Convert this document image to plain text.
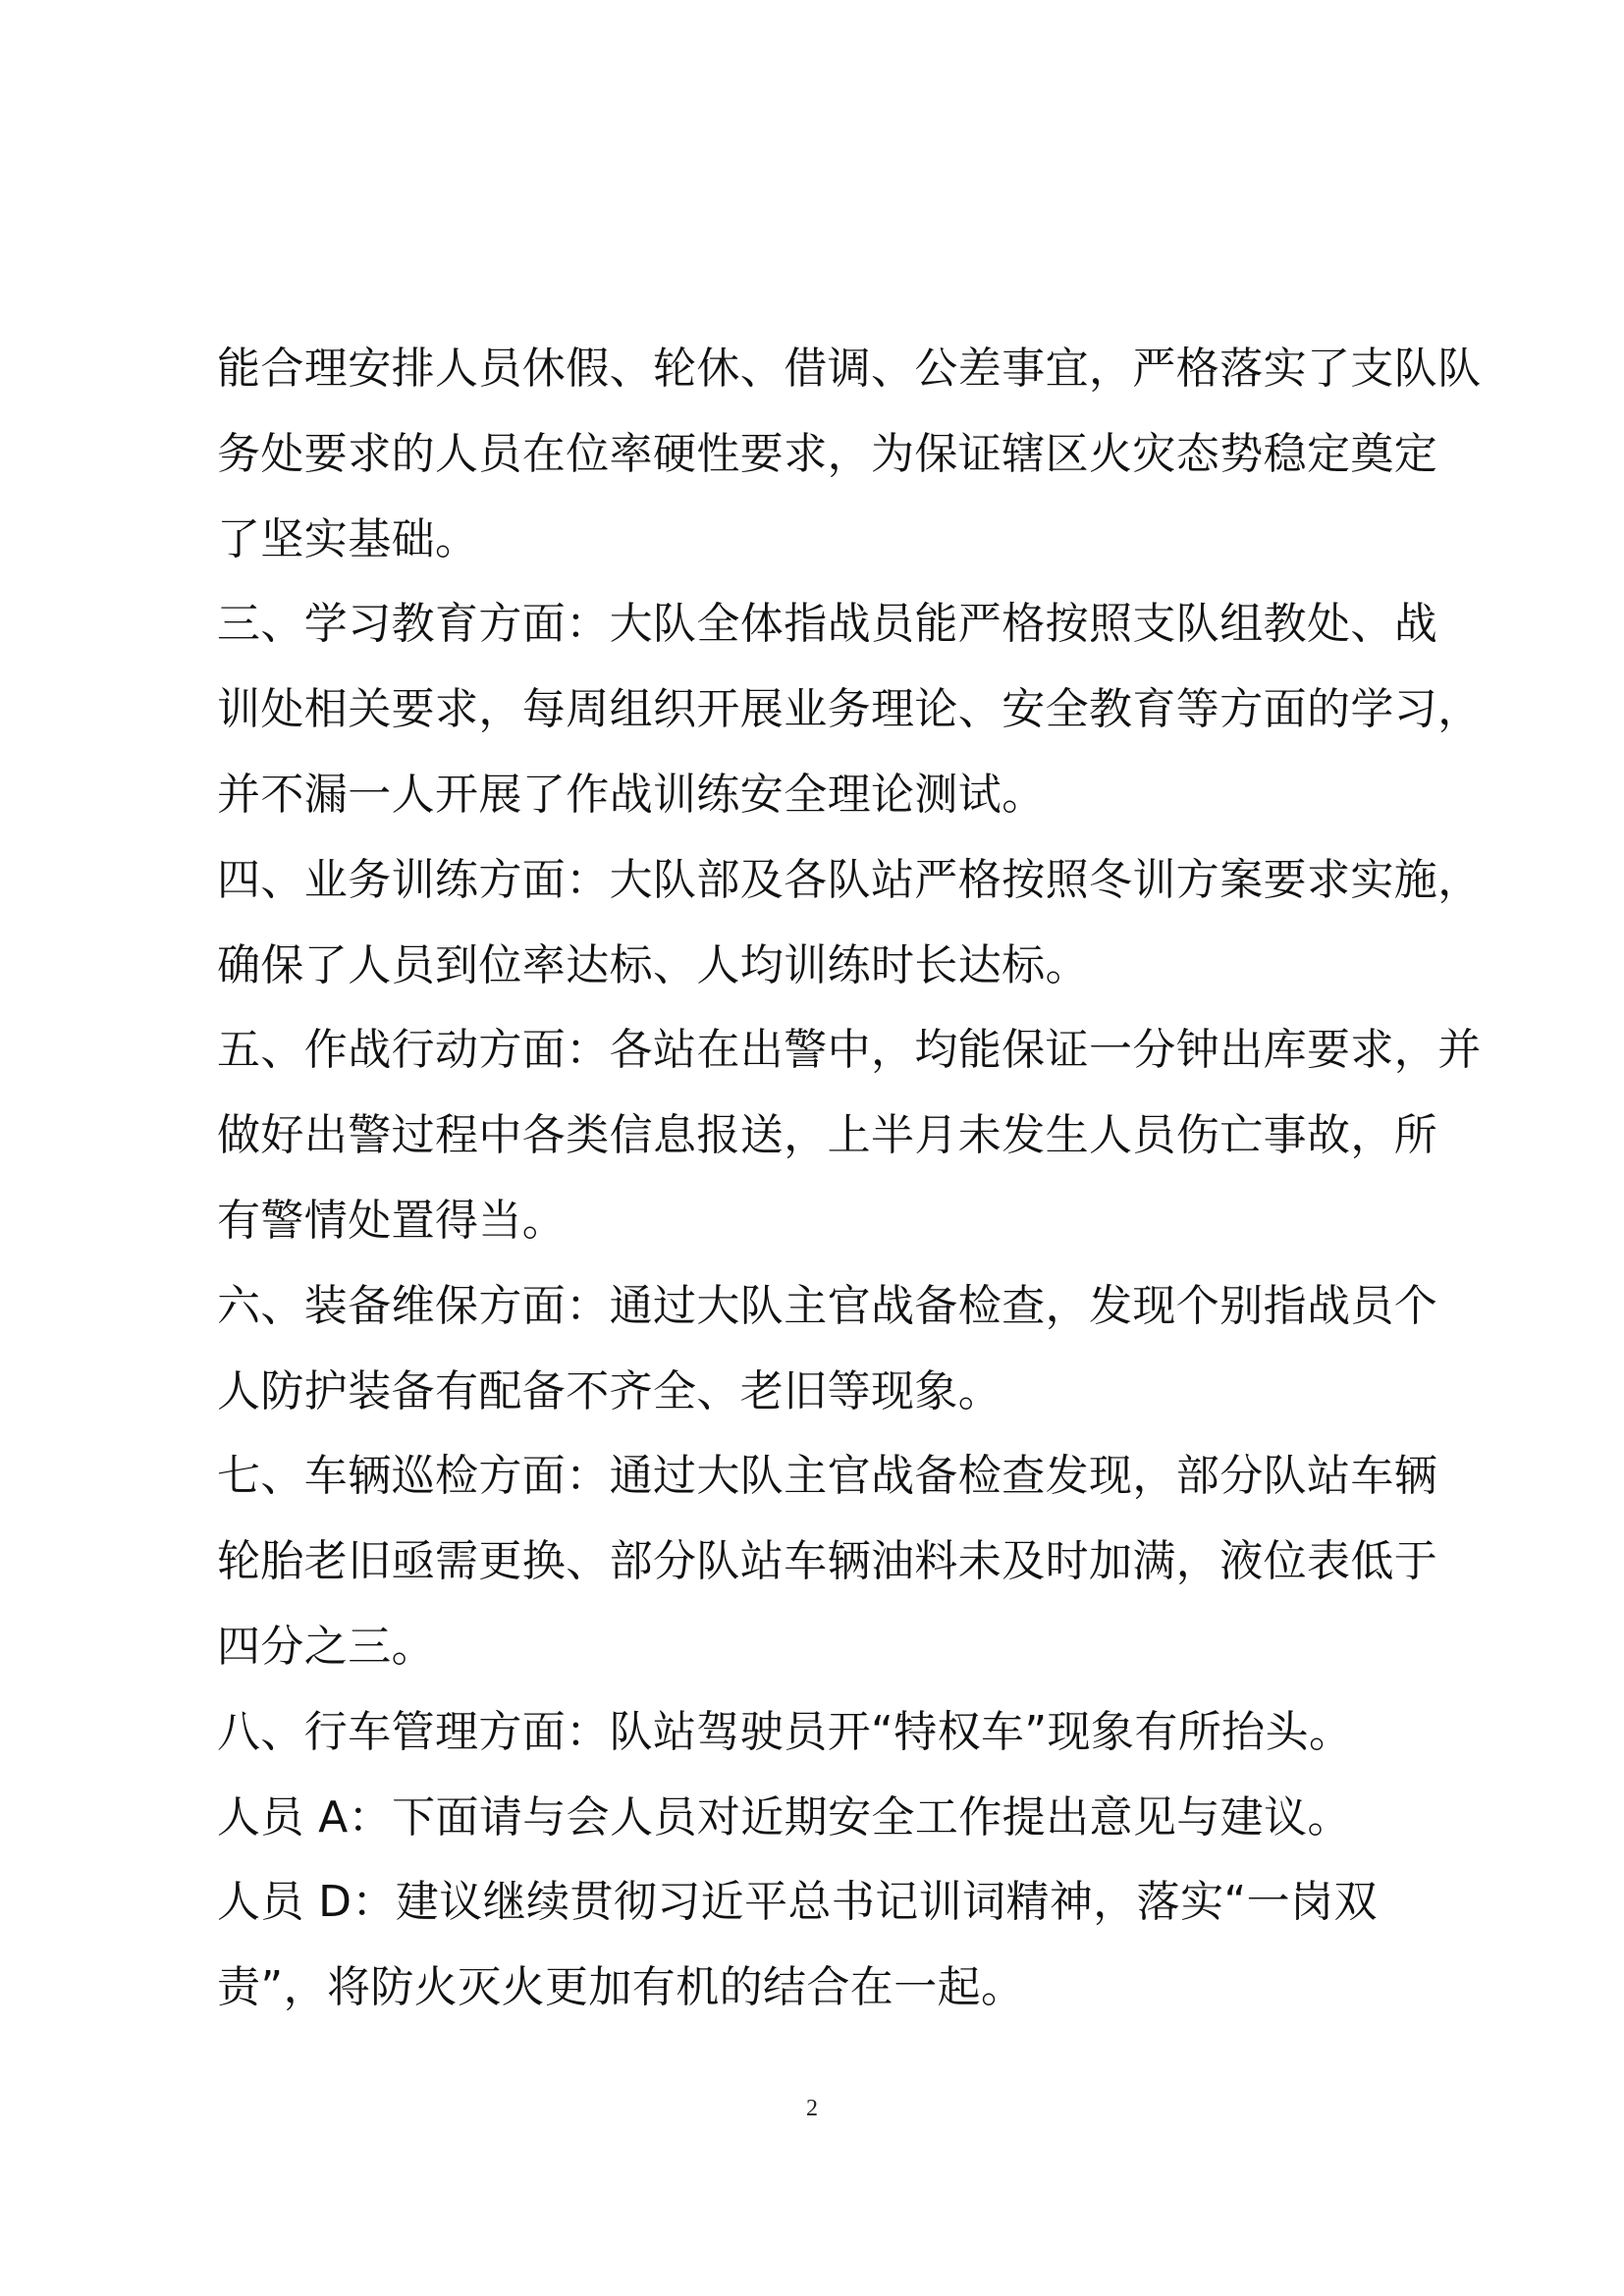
能合理安排人员休假、轮休、借调、公差事宜，严格落实了支队队
务处要求的人员在位率硬性要求，为保证辖区火灾态势稳定奠定
了坚实基础。
三、学习教育方面：大队全体指战员能严格按照支队组教处、战
训处相关要求，每周组织开展业务理论、安全教育等方面的学习，
并不漏一人开展了作战训练安全理论测试。
四、业务训练方面：大队部及各队站严格按照冬训方案要求实施，
确保了人员到位率达标、人均训练时长达标。
五、作战行动方面：各站在出警中，均能保证一分钟出库要求，并
做好出警过程中各类信息报送，上半月未发生人员伤亡事故，所
有警情处置得当。
六、装备维保方面：通过大队主官战备检查，发现个别指战员个
人防护装备有配备不齐全、老旧等现象。
七、车辆巡检方面：通过大队主官战备检查发现，部分队站车辆
轮胎老旧亟需更换、部分队站车辆油料未及时加满，液位表低于
四分之三。
八、行车管理方面：队站驾驶员开“特权车”现象有所抬头。
人员 A：下面请与会人员对近期安全工作提出意见与建议。
人员 D：建议继续贯彻习近平总书记训词精神，落实“一岗双
责”，将防火灭火更加有机的结合在一起。
2
